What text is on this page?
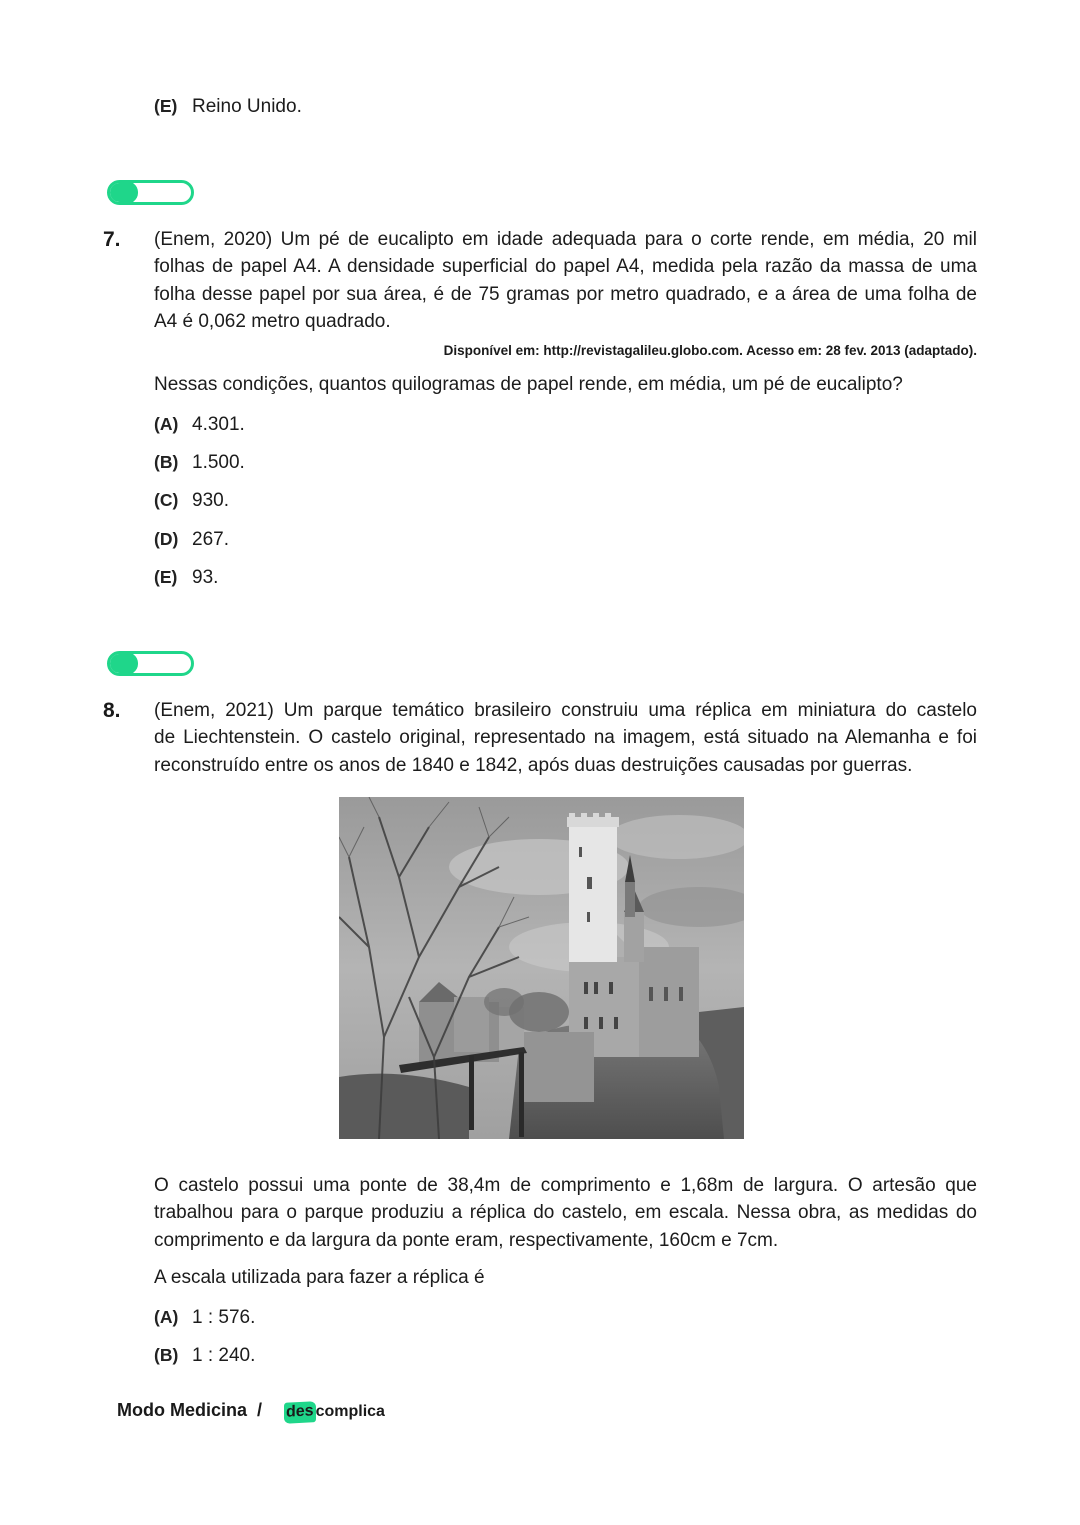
(E) Reino Unido.
7. (Enem, 2020) Um pé de eucalipto em idade adequada para o corte rende, em média, 20 mil
folhas de papel A4. A densidade superficial do papel A4, medida pela razão da massa de uma
folha desse papel por sua área, é de 75 gramas por metro quadrado, e a área de uma folha de
A4 é 0,062 metro quadrado.
Disponível em: http://revistagalileu.globo.com. Acesso em: 28 fev. 2013 (adaptado).
Nessas condições, quantos quilogramas de papel rende, em média, um pé de eucalipto?
(A) 4.301.
(B) 1.500.
(C) 930.
(D) 267.
(E) 93.
8. (Enem, 2021) Um parque temático brasileiro construiu uma réplica em miniatura do castelo
de Liechtenstein. O castelo original, representado na imagem, está situado na Alemanha e foi
reconstruído entre os anos de 1840 e 1842, após duas destruições causadas por guerras.
O castelo possui uma ponte de 38,4m de comprimento e 1,68m de largura. O artesão que
trabalhou para o parque produziu a réplica do castelo, em escala. Nessa obra, as medidas do
comprimento e da largura da ponte eram, respectivamente, 160cm e 7cm.
A escala utilizada para fazer a réplica é
(A) 1 : 576.
(B) 1 : 240.
Modo Medicina  / des complica
